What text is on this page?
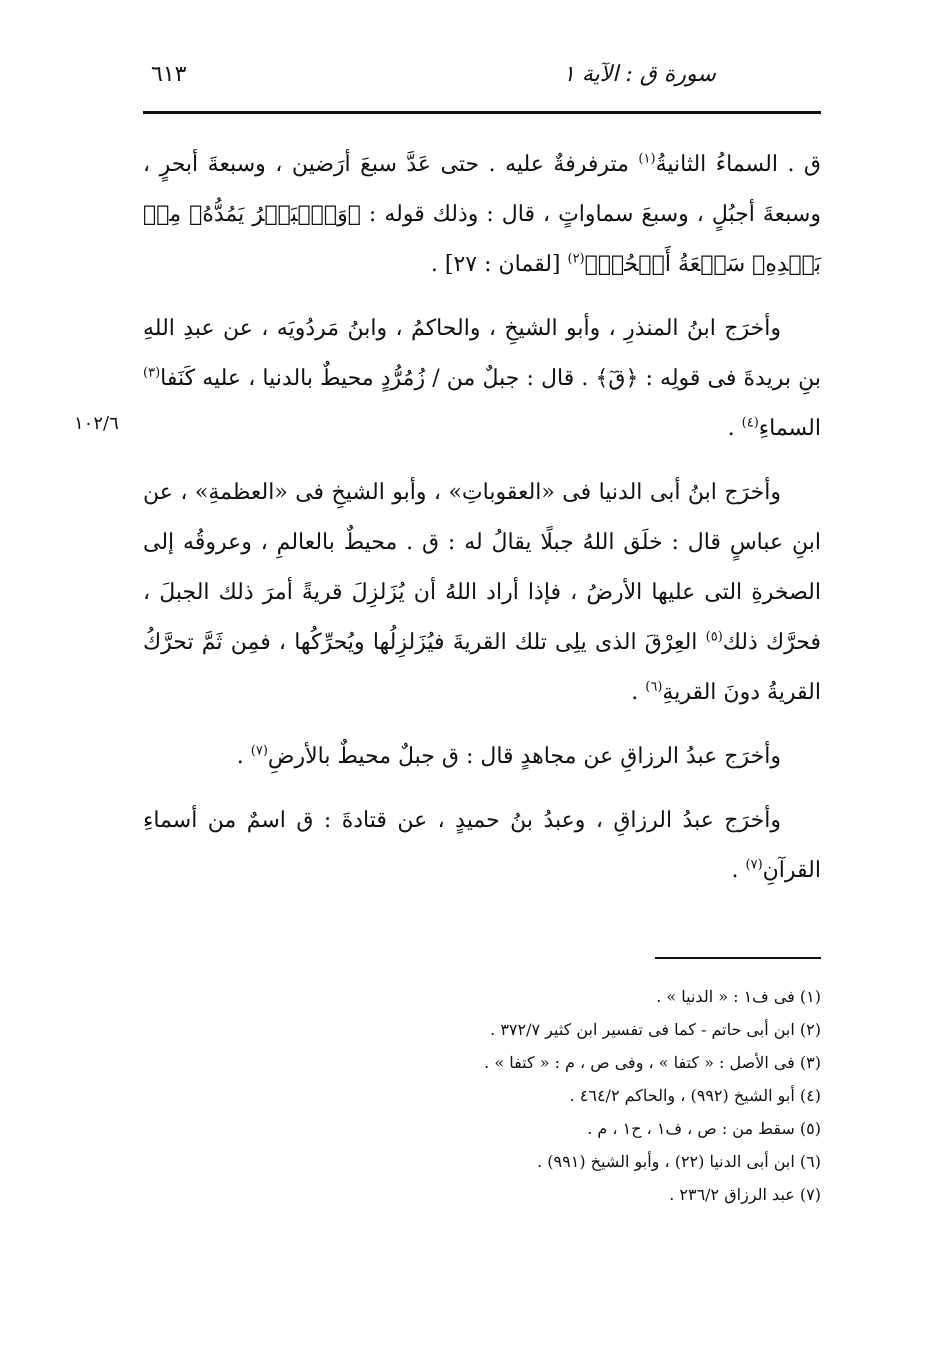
سورة ق : الآية ١
٦١٣
١٠٢/٦

ق . السماءُ الثانيةُ$^{(١)}$ مترفرفةٌ عليه . حتى عَدَّ سبعَ أرَضين ، وسبعةَ أبحرٍ ، وسبعةَ أجبُلٍ ، وسبعَ سماواتٍ ، قال : وذلك قوله : ﴿وَٱلۡبَحۡرُ يَمُدُّهُۥ مِنۢ بَعۡدِهِۦ سَبۡعَةُ أَبۡحُرٖ﴾$^{(٢)}$ [لقمان : ٢٧] .

وأخرَج ابنُ المنذرِ ، وأبو الشيخِ ، والحاكمُ ، وابنُ مَردُويَه ، عن عبدِ اللهِ بنِ بريدةَ فى قولِه : ﴿قٓ﴾ . قال : جبلٌ من / زُمُرُّدٍ محيطٌ بالدنيا ، عليه كَنَفا$^{(٣)}$ السماءِ$^{(٤)}$ .

وأخرَج ابنُ أبى الدنيا فى «العقوباتِ» ، وأبو الشيخِ فى «العظمةِ» ، عن ابنِ عباسٍ قال : خلَق اللهُ جبلًا يقالُ له : ق . محيطٌ بالعالمِ ، وعروقُه إلى الصخرةِ التى عليها الأرضُ ، فإذا أراد اللهُ أن يُزَلزِلَ قريةً أمرَ ذلك الجبلَ ، فحرَّك ذلك$^{(٥)}$ العِرْقَ الذى يلِى تلك القريةَ فيُزَلزِلُها ويُحرِّكُها ، فمِن ثَمَّ تحرَّكُ القريةُ دونَ القريةِ$^{(٦)}$ .

وأخرَج عبدُ الرزاقِ عن مجاهدٍ قال : ق جبلٌ محيطٌ بالأرضِ$^{(٧)}$ .

وأخرَج عبدُ الرزاقِ ، وعبدُ بنُ حميدٍ ، عن قتادةَ : ق اسمٌ من أسماءِ القرآنِ$^{(٧)}$ .

(١) فى ف١ : « الدنيا » .

(٢) ابن أبى حاتم - كما فى تفسير ابن كثير ٣٧٢/٧ .

(٣) فى الأصل : « كتفا » ، وفى ص ، م : « كتفا » .

(٤) أبو الشيخ (٩٩٢) ، والحاكم ٤٦٤/٢ .

(٥) سقط من : ص ، ف١ ، ح١ ، م .

(٦) ابن أبى الدنيا (٢٢) ، وأبو الشيخ (٩٩١) .

(٧) عبد الرزاق ٢٣٦/٢ .
